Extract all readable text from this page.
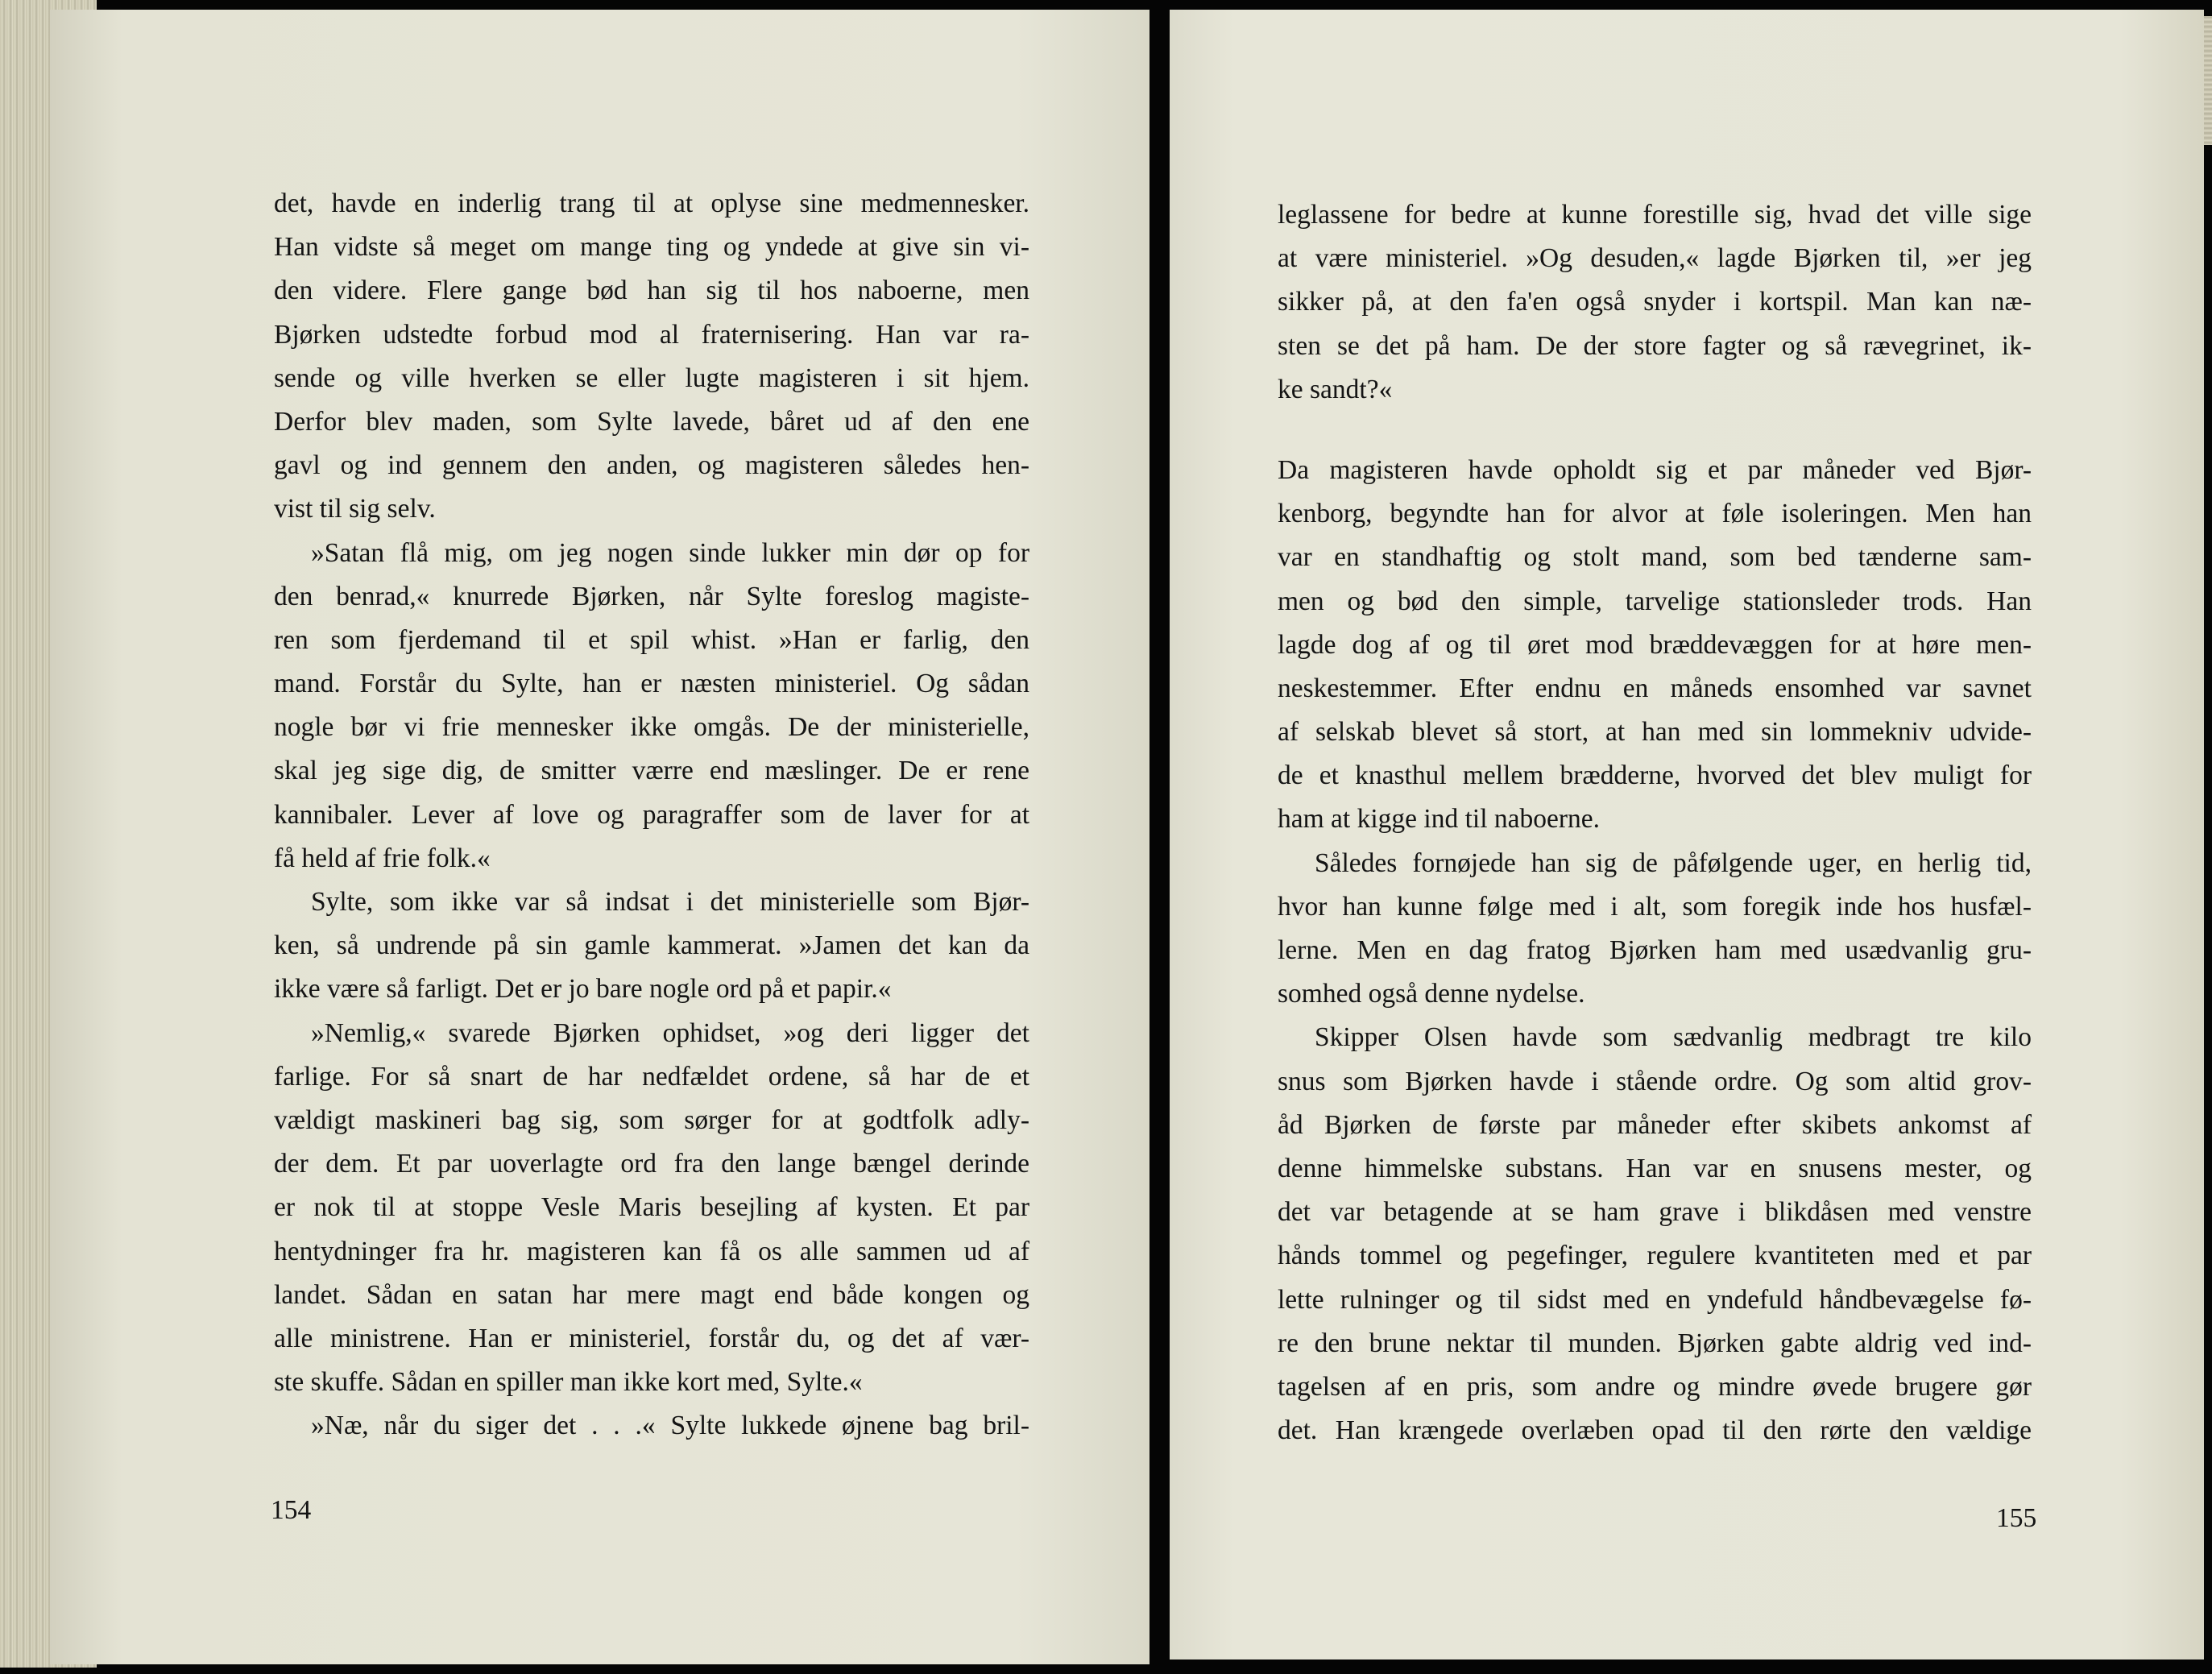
det, havde en inderlig trang til at oplyse sine medmennesker.
Han vidste så meget om mange ting og yndede at give sin vi-
den videre. Flere gange bød han sig til hos naboerne, men
Bjørken udstedte forbud mod al fraternisering. Han var ra-
sende og ville hverken se eller lugte magisteren i sit hjem.
Derfor blev maden, som Sylte lavede, båret ud af den ene
gavl og ind gennem den anden, og magisteren således hen-
vist til sig selv.
»Satan flå mig, om jeg nogen sinde lukker min dør op for
den benrad,« knurrede Bjørken, når Sylte foreslog magiste-
ren som fjerdemand til et spil whist. »Han er farlig, den
mand. Forstår du Sylte, han er næsten ministeriel. Og sådan
nogle bør vi frie mennesker ikke omgås. De der ministerielle,
skal jeg sige dig, de smitter værre end mæslinger. De er rene
kannibaler. Lever af love og paragraffer som de laver for at
få held af frie folk.«
Sylte, som ikke var så indsat i det ministerielle som Bjør-
ken, så undrende på sin gamle kammerat. »Jamen det kan da
ikke være så farligt. Det er jo bare nogle ord på et papir.«
»Nemlig,« svarede Bjørken ophidset, »og deri ligger det
farlige. For så snart de har nedfældet ordene, så har de et
vældigt maskineri bag sig, som sørger for at godtfolk adly-
der dem. Et par uoverlagte ord fra den lange bængel derinde
er nok til at stoppe Vesle Maris besejling af kysten. Et par
hentydninger fra hr. magisteren kan få os alle sammen ud af
landet. Sådan en satan har mere magt end både kongen og
alle ministrene. Han er ministeriel, forstår du, og det af vær-
ste skuffe. Sådan en spiller man ikke kort med, Sylte.«
»Næ, når du siger det . . .« Sylte lukkede øjnene bag bril-
154
leglassene for bedre at kunne forestille sig, hvad det ville sige
at være ministeriel. »Og desuden,« lagde Bjørken til, »er jeg
sikker på, at den fa'en også snyder i kortspil. Man kan næ-
sten se det på ham. De der store fagter og så rævegrinet, ik-
ke sandt?«
Da magisteren havde opholdt sig et par måneder ved Bjør-
kenborg, begyndte han for alvor at føle isoleringen. Men han
var en standhaftig og stolt mand, som bed tænderne sam-
men og bød den simple, tarvelige stationsleder trods. Han
lagde dog af og til øret mod bræddevæggen for at høre men-
neskestemmer. Efter endnu en måneds ensomhed var savnet
af selskab blevet så stort, at han med sin lommekniv udvide-
de et knasthul mellem brædderne, hvorved det blev muligt for
ham at kigge ind til naboerne.
Således fornøjede han sig de påfølgende uger, en herlig tid,
hvor han kunne følge med i alt, som foregik inde hos husfæl-
lerne. Men en dag fratog Bjørken ham med usædvanlig gru-
somhed også denne nydelse.
Skipper Olsen havde som sædvanlig medbragt tre kilo
snus som Bjørken havde i stående ordre. Og som altid grov-
åd Bjørken de første par måneder efter skibets ankomst af
denne himmelske substans. Han var en snusens mester, og
det var betagende at se ham grave i blikdåsen med venstre
hånds tommel og pegefinger, regulere kvantiteten med et par
lette rulninger og til sidst med en yndefuld håndbevægelse fø-
re den brune nektar til munden. Bjørken gabte aldrig ved ind-
tagelsen af en pris, som andre og mindre øvede brugere gør
det. Han krængede overlæben opad til den rørte den vældige
155
